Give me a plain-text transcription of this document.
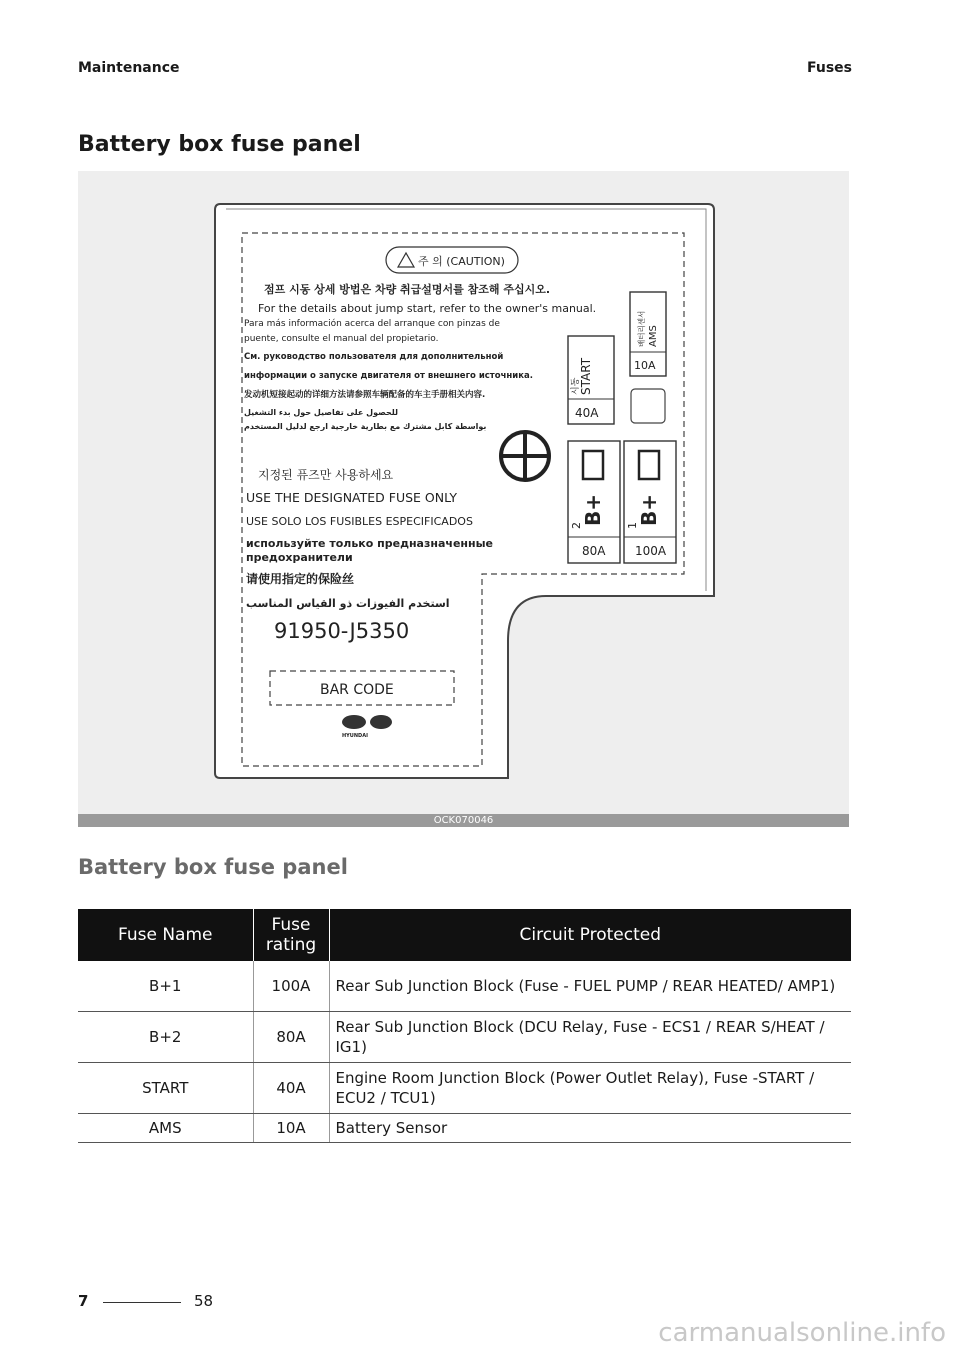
Maintenance	Fuses
Battery box fuse panel
주 의 (CAUTION)
점프 시동 상세 방법은 차량 취급설명서를 참조해 주십시오.
For the details about jump start, refer to the owner's manual.
Para más información acerca del arranque con pinzas de
puente, consulte el manual del propietario.
См. руководство пользователя для дополнительной
информации о запуске двигателя от внешнего источника.
发动机短接起动的详细方法请参照车辆配备的车主手册相关内容.
للحصول على تفاصيل حول بدء التشغيل
بواسطة كابل مشترك مع بطارية خارجية ارجع لدليل المستخدم
지정된 퓨즈만 사용하세요
USE THE DESIGNATED FUSE ONLY
USE SOLO LOS FUSIBLES ESPECIFICADOS
используйте только предназначенные
предохранители
请使用指定的保险丝
استخدم الفيوزات ذو القياس المناسب
91950-J5350
BAR CODE
HYUNDAI
START
시동
40A
AMS
배터리센서
10A
B+
2
80A
B+
1
100A
OCK070046
Battery box fuse panel
Fuse Name	Fuse rating	Circuit Protected
B+1	100A	Rear Sub Junction Block (Fuse - FUEL PUMP / REAR HEATED/ AMP1)
B+2	80A	Rear Sub Junction Block (DCU Relay, Fuse - ECS1 / REAR S/HEAT / IG1)
START	40A	Engine Room Junction Block (Power Outlet Relay), Fuse -START / ECU2 / TCU1)
AMS	10A	Battery Sensor
7	58
carmanualsonline.info
